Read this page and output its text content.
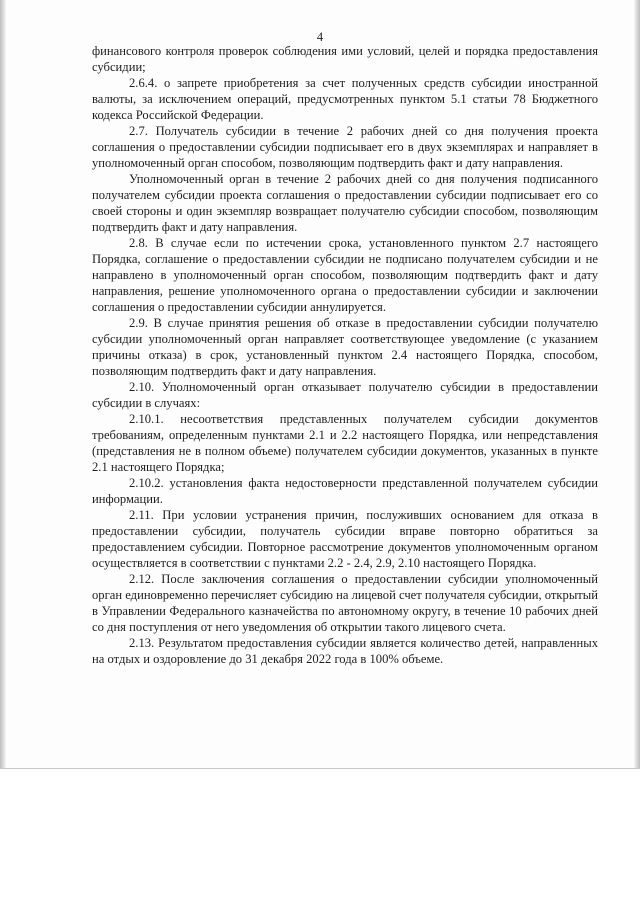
4

финансового контроля проверок соблюдения ими условий, целей и порядка предоставления субсидии;

2.6.4. о запрете приобретения за счет полученных средств субсидии иностранной валюты, за исключением операций, предусмотренных пунктом 5.1 статьи 78 Бюджетного кодекса Российской Федерации.

2.7. Получатель субсидии в течение 2 рабочих дней со дня получения проекта соглашения о предоставлении субсидии подписывает его в двух экземплярах и направляет в уполномоченный орган способом, позволяющим подтвердить факт и дату направления.

Уполномоченный орган в течение 2 рабочих дней со дня получения подписанного получателем субсидии проекта соглашения о предоставлении субсидии подписывает его со своей стороны и один экземпляр возвращает получателю субсидии способом, позволяющим подтвердить факт и дату направления.

2.8. В случае если по истечении срока, установленного пунктом 2.7 настоящего Порядка, соглашение о предоставлении субсидии не подписано получателем субсидии и не направлено в уполномоченный орган способом, позволяющим подтвердить факт и дату направления, решение уполномоченного органа о предоставлении субсидии и заключении соглашения о предоставлении субсидии аннулируется.

2.9. В случае принятия решения об отказе в предоставлении субсидии получателю субсидии уполномоченный орган направляет соответствующее уведомление (с указанием причины отказа) в срок, установленный пунктом 2.4 настоящего Порядка, способом, позволяющим подтвердить факт и дату направления.

2.10. Уполномоченный орган отказывает получателю субсидии в предоставлении субсидии в случаях:

2.10.1. несоответствия представленных получателем субсидии документов требованиям, определенным пунктами 2.1 и 2.2 настоящего Порядка, или непредставления (представления не в полном объеме) получателем субсидии документов, указанных в пункте 2.1 настоящего Порядка;

2.10.2. установления факта недостоверности представленной получателем субсидии информации.

2.11. При условии устранения причин, послуживших основанием для отказа в предоставлении субсидии, получатель субсидии вправе повторно обратиться за предоставлением субсидии. Повторное рассмотрение документов уполномоченным органом осуществляется в соответствии с пунктами 2.2 - 2.4, 2.9, 2.10 настоящего Порядка.

2.12. После заключения соглашения о предоставлении субсидии уполномоченный орган единовременно перечисляет субсидию на лицевой счет получателя субсидии, открытый в Управлении Федерального казначейства по автономному округу, в течение 10 рабочих дней со дня поступления от него уведомления об открытии такого лицевого счета.

2.13. Результатом предоставления субсидии является количество детей, направленных на отдых и оздоровление до 31 декабря 2022 года в 100% объеме.
